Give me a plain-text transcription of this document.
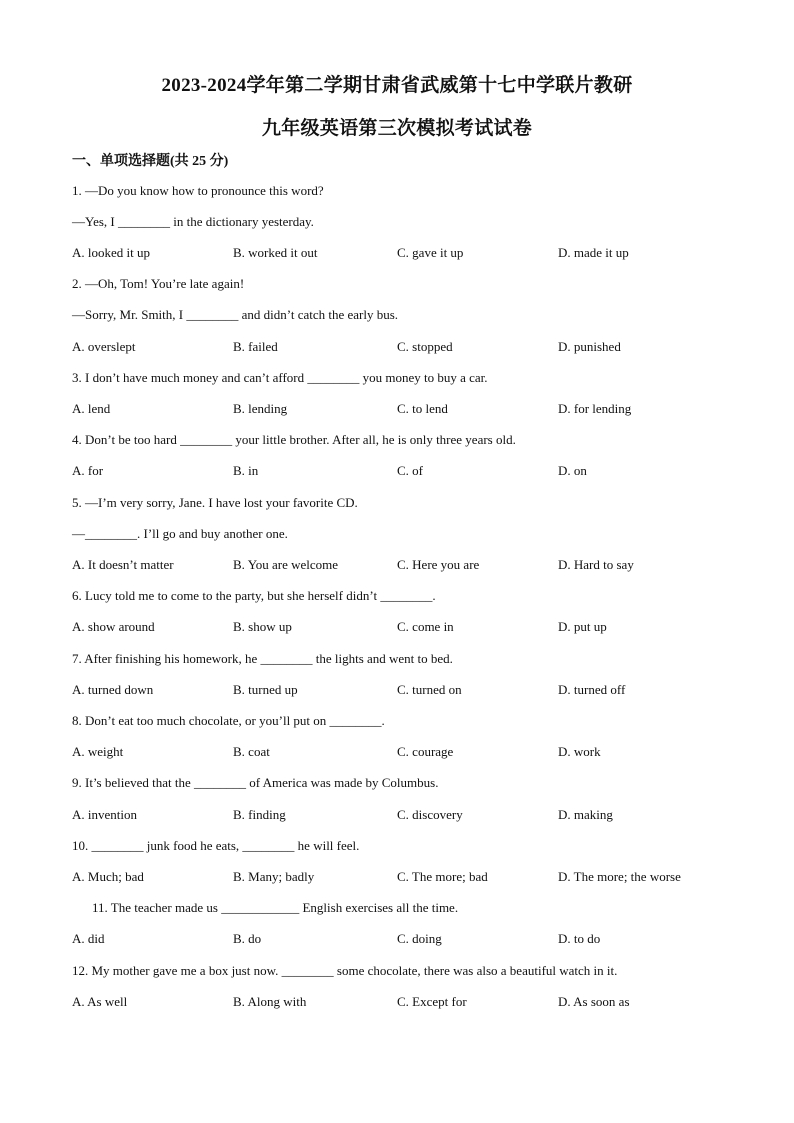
2023-2024学年第二学期甘肃省武威第十七中学联片教研
九年级英语第三次模拟考试试卷
一、单项选择题(共 25 分)
1. —Do you know how to pronounce this word?
—Yes, I ________ in the dictionary yesterday.
A. looked it up	B. worked it out	C. gave it up	D. made it up
2. —Oh, Tom! You’re late again!
—Sorry, Mr. Smith, I ________ and didn’t catch the early bus.
A. overslept	B. failed	C. stopped	D. punished
3. I don’t have much money and can’t afford ________ you money to buy a car.
A. lend	B. lending	C. to lend	D. for lending
4. Don’t be too hard ________ your little brother. After all, he is only three years old.
A. for	B. in	C. of	D. on
5. —I’m very sorry, Jane. I have lost your favorite CD.
—________. I’ll go and buy another one.
A. It doesn’t matter	B. You are welcome	C. Here you are	D. Hard to say
6. Lucy told me to come to the party, but she herself didn’t ________.
A. show around	B. show up	C. come in	D. put up
7. After finishing his homework, he ________ the lights and went to bed.
A. turned down	B. turned up	C. turned on	D. turned off
8. Don’t eat too much chocolate, or you’ll put on ________.
A. weight	B. coat	C. courage	D. work
9. It’s believed that the ________ of America was made by Columbus.
A. invention	B. finding	C. discovery	D. making
10. ________ junk food he eats, ________ he will feel.
A. Much; bad	B. Many; badly	C. The more; bad	D. The more; the worse
11. The teacher made us ____________ English exercises all the time.
A. did	B. do	C. doing	D. to do
12. My mother gave me a box just now. ________ some chocolate, there was also a beautiful watch in it.
A. As well	B. Along with	C. Except for	D. As soon as
